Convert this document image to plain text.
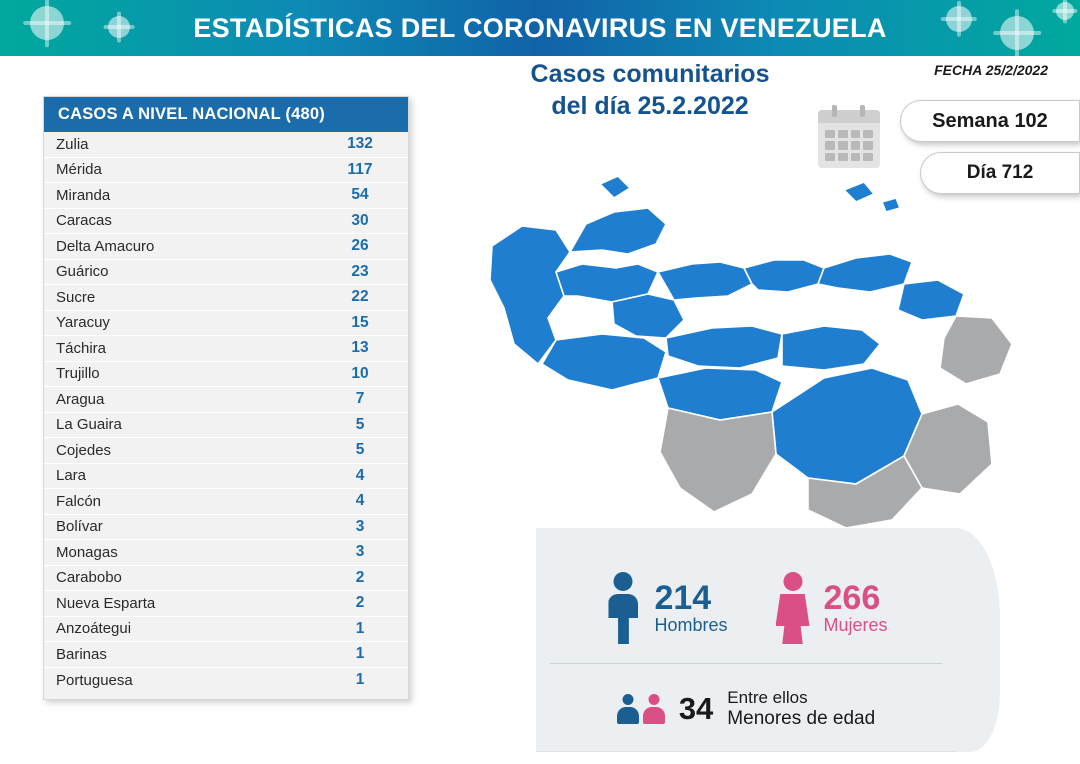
ESTADÍSTICAS DEL CORONAVIRUS EN VENEZUELA
Casos comunitarios
del día 25.2.2022
FECHA 25/2/2022
Semana 102
Día 712
CASOS A NIVEL NACIONAL (480)
Zulia	132
Mérida	117
Miranda	54
Caracas	30
Delta Amacuro	26
Guárico	23
Sucre	22
Yaracuy	15
Táchira	13
Trujillo	10
Aragua	7
La Guaira	5
Cojedes	5
Lara	4
Falcón	4
Bolívar	3
Monagas	3
Carabobo	2
Nueva Esparta	2
Anzoátegui	1
Barinas	1
Portuguesa	1
214
Hombres
266
Mujeres
34 Entre ellos
Menores de edad
